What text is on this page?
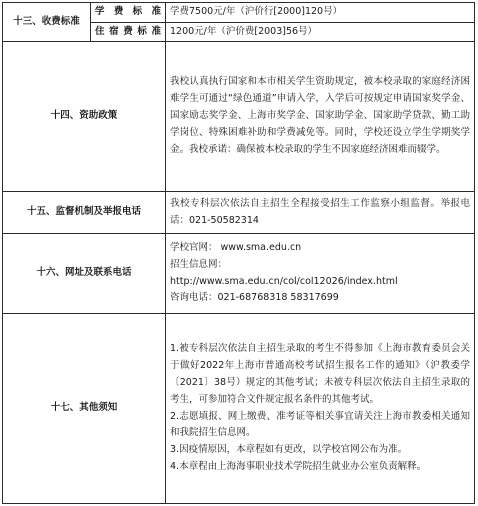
十三、收费标准	学费标准	学费7500元/年（沪价行[2000]120号）
	住宿费标准	1200元/年（沪价费[2003]56号）
十四、资助政策		我校认真执行国家和本市相关学生资助规定，被本校录取的家庭经济困难学生可通过“绿色通道”申请入学，入学后可按规定申请国家奖学金、国家励志奖学金、上海市奖学金、国家助学金、国家助学贷款、勤工助学岗位、特殊困难补助和学费减免等。同时，学校还设立学生学期奖学金。我校承诺：确保被本校录取的学生不因家庭经济困难而辍学。
十五、监督机制及举报电话		我校专科层次依法自主招生全程接受招生工作监察小组监督。举报电话：021-50582314
十六、网址及联系电话		学校官网： www.sma.edu.cn
招生信息网：
http://www.sma.edu.cn/col/col12026/index.html
咨询电话：021-68768318 58317699

十七、其他须知		1.被专科层次依法自主招生录取的考生不得参加《上海市教育委员会关于做好2022年上海市普通高校考试招生报名工作的通知》（沪教委学〔2021〕38号）规定的其他考试；未被专科层次依法自主招生录取的考生，可参加符合文件规定报名条件的其他考试。
2.志愿填报、网上缴费、准考证等相关事宜请关注上海市教委相关通知和我院招生信息网。
3.因疫情原因，本章程如有更改，以学校官网公布为准。
4.本章程由上海海事职业技术学院招生就业办公室负责解释。
